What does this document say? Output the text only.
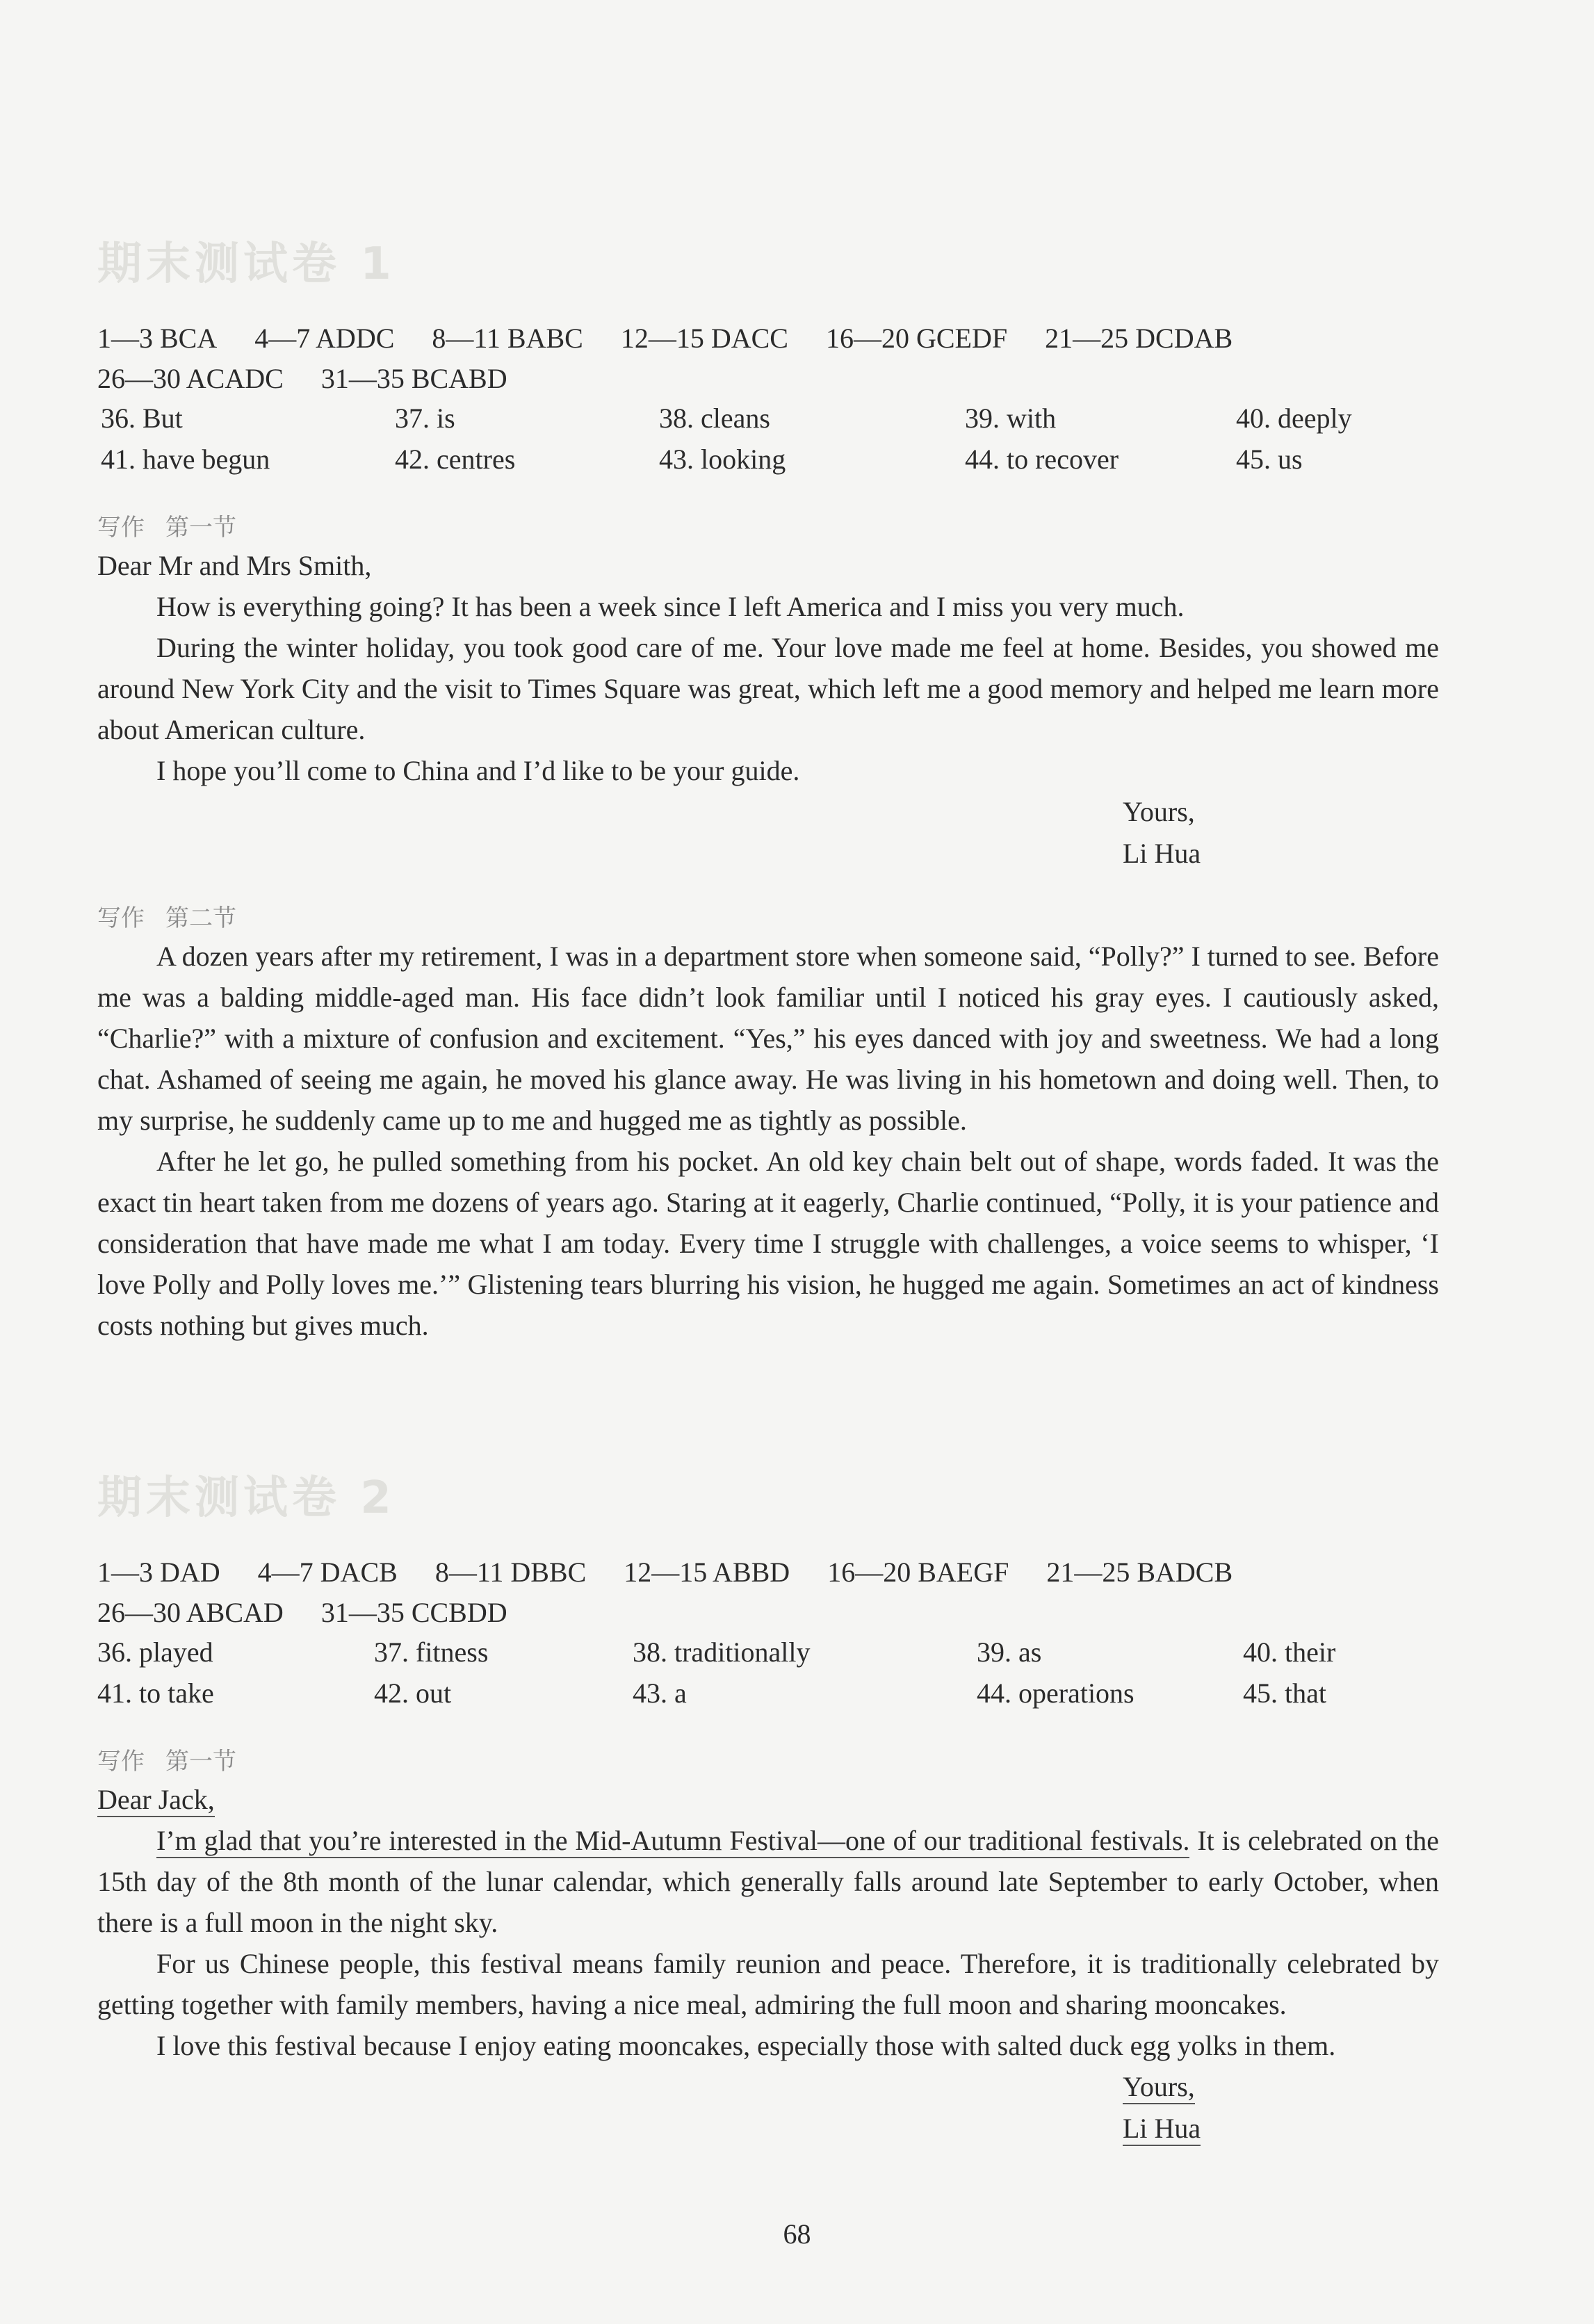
期末测试卷 1
1—3 BCA 4—7 ADDC 8—11 BABC 12—15 DACC 16—20 GCEDF 21—25 DCDAB
26—30 ACADC 31—35 BCABD
36. But	37. is	38. cleans	39. with	40. deeply
41. have begun	42. centres	43. looking	44. to recover	45. us
写作 第一节

Dear Mr and Mrs Smith,

How is everything going? It has been a week since I left America and I miss you very much.

During the winter holiday, you took good care of me. Your love made me feel at home. Besides, you showed me around New York City and the visit to Times Square was great, which left me a good memory and helped me learn more about American culture.

I hope you’ll come to China and I’d like to be your guide.

Yours,
Li Hua
写作 第二节

A dozen years after my retirement, I was in a department store when someone said, “Polly?” I turned to see. Before me was a balding middle-aged man. His face didn’t look familiar until I noticed his gray eyes. I cautiously asked, “Charlie?” with a mixture of confusion and excitement. “Yes,” his eyes danced with joy and sweetness. We had a long chat. Ashamed of seeing me again, he moved his glance away. He was living in his hometown and doing well. Then, to my surprise, he suddenly came up to me and hugged me as tightly as possible.

After he let go, he pulled something from his pocket. An old key chain belt out of shape, words faded. It was the exact tin heart taken from me dozens of years ago. Staring at it eagerly, Charlie continued, “Polly, it is your patience and consideration that have made me what I am today. Every time I struggle with challenges, a voice seems to whisper, ‘I love Polly and Polly loves me.’” Glistening tears blurring his vision, he hugged me again. Sometimes an act of kindness costs nothing but gives much.

期末测试卷 2
1—3 DAD 4—7 DACB 8—11 DBBC 12—15 ABBD 16—20 BAEGF 21—25 BADCB
26—30 ABCAD 31—35 CCBDD
36. played	37. fitness	38. traditionally	39. as	40. their
41. to take	42. out	43. a	44. operations	45. that
写作 第一节

Dear Jack,

I’m glad that you’re interested in the Mid-Autumn Festival—one of our traditional festivals. It is celebrated on the 15th day of the 8th month of the lunar calendar, which generally falls around late September to early October, when there is a full moon in the night sky.

For us Chinese people, this festival means family reunion and peace. Therefore, it is traditionally celebrated by getting together with family members, having a nice meal, admiring the full moon and sharing mooncakes.

I love this festival because I enjoy eating mooncakes, especially those with salted duck egg yolks in them.

Yours,
Li Hua
68
